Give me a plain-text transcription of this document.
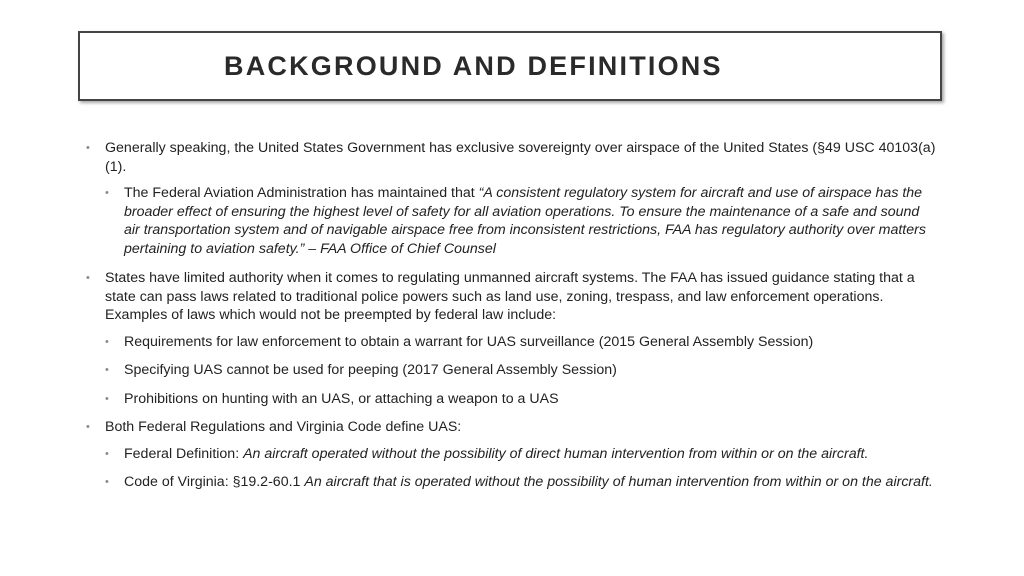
BACKGROUND AND DEFINITIONS
• Generally speaking, the United States Government has exclusive sovereignty over airspace of the United States (§49 USC 40103(a)(1).
• The Federal Aviation Administration has maintained that “A consistent regulatory system for aircraft and use of airspace has the broader effect of ensuring the highest level of safety for all aviation operations. To ensure the maintenance of a safe and sound air transportation system and of navigable airspace free from inconsistent restrictions, FAA has regulatory authority over matters pertaining to aviation safety.” – FAA Office of Chief Counsel
• States have limited authority when it comes to regulating unmanned aircraft systems. The FAA has issued guidance stating that a state can pass laws related to traditional police powers such as land use, zoning, trespass, and law enforcement operations. Examples of laws which would not be preempted by federal law include:
• Requirements for law enforcement to obtain a warrant for UAS surveillance (2015 General Assembly Session)
• Specifying UAS cannot be used for peeping (2017 General Assembly Session)
• Prohibitions on hunting with an UAS, or attaching a weapon to a UAS
• Both Federal Regulations and Virginia Code define UAS:
• Federal Definition: An aircraft operated without the possibility of direct human intervention from within or on the aircraft.
• Code of Virginia: §19.2-60.1 An aircraft that is operated without the possibility of human intervention from within or on the aircraft.
